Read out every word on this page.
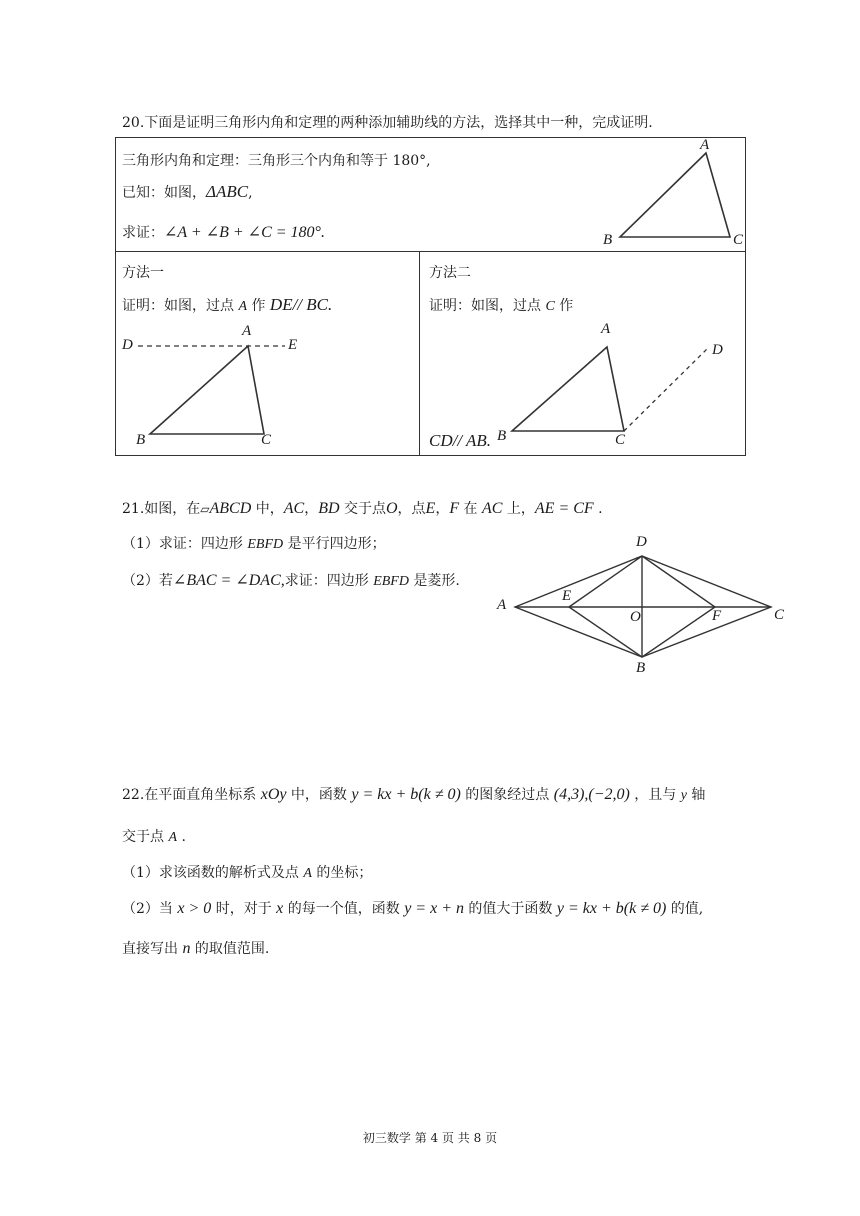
20.下面是证明三角形内角和定理的两种添加辅助线的方法，选择其中一种，完成证明.
三角形内角和定理：三角形三个内角和等于 180°,
已知：如图，ΔABC,
求证：∠A + ∠B + ∠C = 180°.
A
B	C
方法一
证明：如图，过点 A 作 DE// BC.
D	E
A
B	C
方法二
证明：如图，过点 C 作
A
D
B	C
CD// AB.
21.如图，在▱ABCD 中，AC，BD 交于点O，点E，F 在 AC 上，AE = CF .
（1）求证：四边形 EBFD 是平行四边形；
（2）若∠BAC = ∠DAC,求证：四边形 EBFD 是菱形.
A
D
C
B
E
F
O
22.在平面直角坐标系 xOy 中，函数 y = kx + b(k ≠ 0) 的图象经过点 (4,3),(−2,0) ，且与 y 轴
交于点 A .
（1）求该函数的解析式及点 A 的坐标；
（2）当 x > 0 时，对于 x 的每一个值，函数 y = x + n 的值大于函数 y = kx + b(k ≠ 0) 的值,
直接写出 n 的取值范围.
初三数学 第 4 页 共 8 页
